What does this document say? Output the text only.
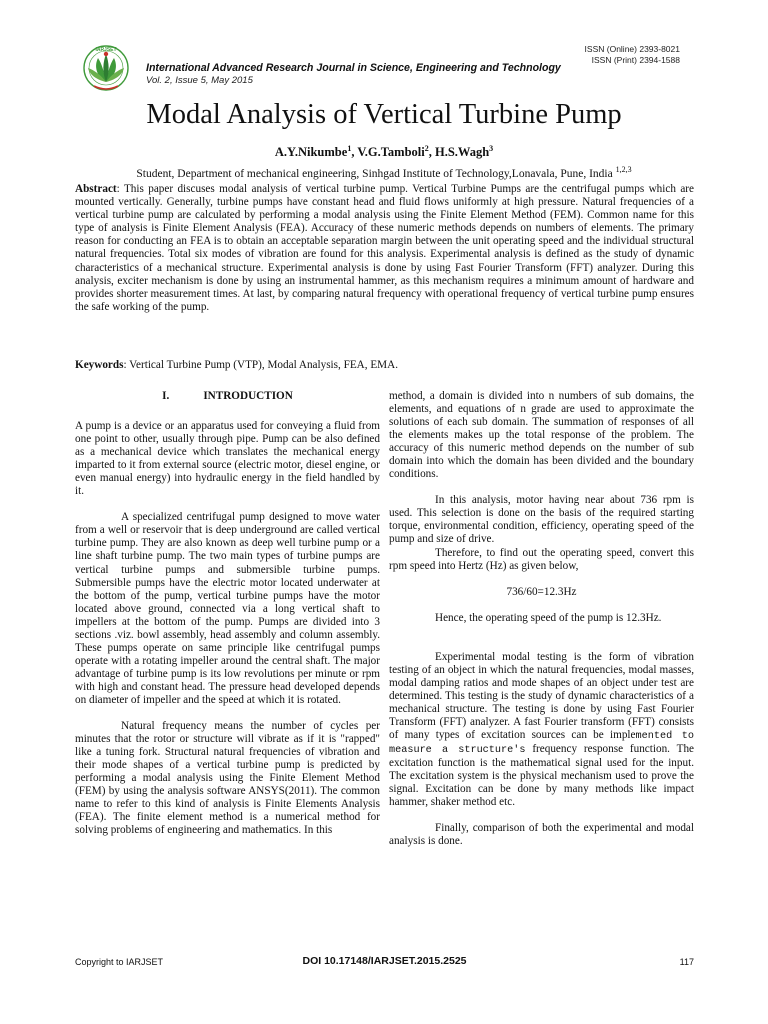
ISSN (Online) 2393-8021
ISSN (Print) 2394-1588
IARJSET
International Advanced Research Journal in Science, Engineering and Technology
Vol. 2, Issue 5, May 2015
Modal Analysis of Vertical Turbine Pump
A.Y.Nikumbe$^1$, V.G.Tamboli$^2$, H.S.Wagh$^3$
Student, Department of mechanical engineering, Sinhgad Institute of Technology,Lonavala, Pune, India $^{1,2,3}$
Abstract: This paper discuses modal analysis of vertical turbine pump. Vertical Turbine Pumps are the centrifugal pumps which are mounted vertically. Generally, turbine pumps have constant head and fluid flows uniformly at high pressure. Natural frequencies of a vertical turbine pump are calculated by performing a modal analysis using the Finite Element Method (FEM). Common name for this type of analysis is Finite Element Analysis (FEA). Accuracy of these numeric methods depends on numbers of elements. The primary reason for conducting an FEA is to obtain an acceptable separation margin between the unit operating speed and the individual structural natural frequencies. Total six modes of vibration are found for this analysis. Experimental analysis is defined as the study of dynamic characteristics of a mechanical structure. Experimental analysis is done by using Fast Fourier Transform (FFT) analyzer. During this analysis, exciter mechanism is done by using an instrumental hammer, as this mechanism requires a minimum amount of hardware and provides shorter measurement times. At last, by comparing natural frequency with operational frequency of vertical turbine pump ensures the safe working of the pump.
Keywords: Vertical Turbine Pump (VTP), Modal Analysis, FEA, EMA.
I.	INTRODUCTION

A pump is a device or an apparatus used for conveying a fluid from one point to other, usually through pipe. Pump can be also defined as a mechanical device which translates the mechanical energy imparted to it from external source (electric motor, diesel engine, or even manual energy) into hydraulic energy in the field handled by it.

A specialized centrifugal pump designed to move water from a well or reservoir that is deep underground are called vertical turbine pump. They are also known as deep well turbine pump or a line shaft turbine pump. The two main types of turbine pumps are vertical turbine pumps and submersible turbine pumps. Submersible pumps have the electric motor located underwater at the bottom of the pump, vertical turbine pumps have the motor located above ground, connected via a long vertical shaft to impellers at the bottom of the pump. Pumps are divided into 3 sections .viz. bowl assembly, head assembly and column assembly. These pumps operate on same principle like centrifugal pumps operate with a rotating impeller around the central shaft. The major advantage of turbine pump is its low revolutions per minute or rpm with high and constant head. The pressure head developed depends on diameter of impeller and the speed at which it is rotated.

Natural frequency means the number of cycles per minutes that the rotor or structure will vibrate as if it is "rapped" like a tuning fork. Structural natural frequencies of vibration and their mode shapes of a vertical turbine pump is predicted by performing a modal analysis using the Finite Element Method (FEM) by using the analysis software ANSYS(2011). The common name to refer to this kind of analysis is Finite Elements Analysis (FEA). The finite element method is a numerical method for solving problems of engineering and mathematics. In this

method, a domain is divided into n numbers of sub domains, the elements, and equations of n grade are used to approximate the solutions of each sub domain. The summation of responses of all the elements makes up the total response of the problem. The accuracy of this numeric method depends on the number of sub domain into which the domain has been divided and the boundary conditions.

In this analysis, motor having near about 736 rpm is used. This selection is done on the basis of the required starting torque, environmental condition, efficiency, operating speed of the pump and size of drive.

Therefore, to find out the operating speed, convert this rpm speed into Hertz (Hz) as given below,

736/60=12.3Hz

Hence, the operating speed of the pump is 12.3Hz.

Experimental modal testing is the form of vibration testing of an object in which the natural frequencies, modal masses, modal damping ratios and mode shapes of an object under test are determined. This testing is the study of dynamic characteristics of a mechanical structure. The testing is done by using Fast Fourier Transform (FFT) analyzer. A fast Fourier transform (FFT) consists of many types of excitation sources can be implemented to measure a structure's frequency response function. The excitation function is the mathematical signal used for the input. The excitation system is the physical mechanism used to prove the signal. Excitation can be done by many methods like impact hammer, shaker method etc.

Finally, comparison of both the experimental and modal analysis is done.

Copyright to IARJSET	DOI 10.17148/IARJSET.2015.2525	117
